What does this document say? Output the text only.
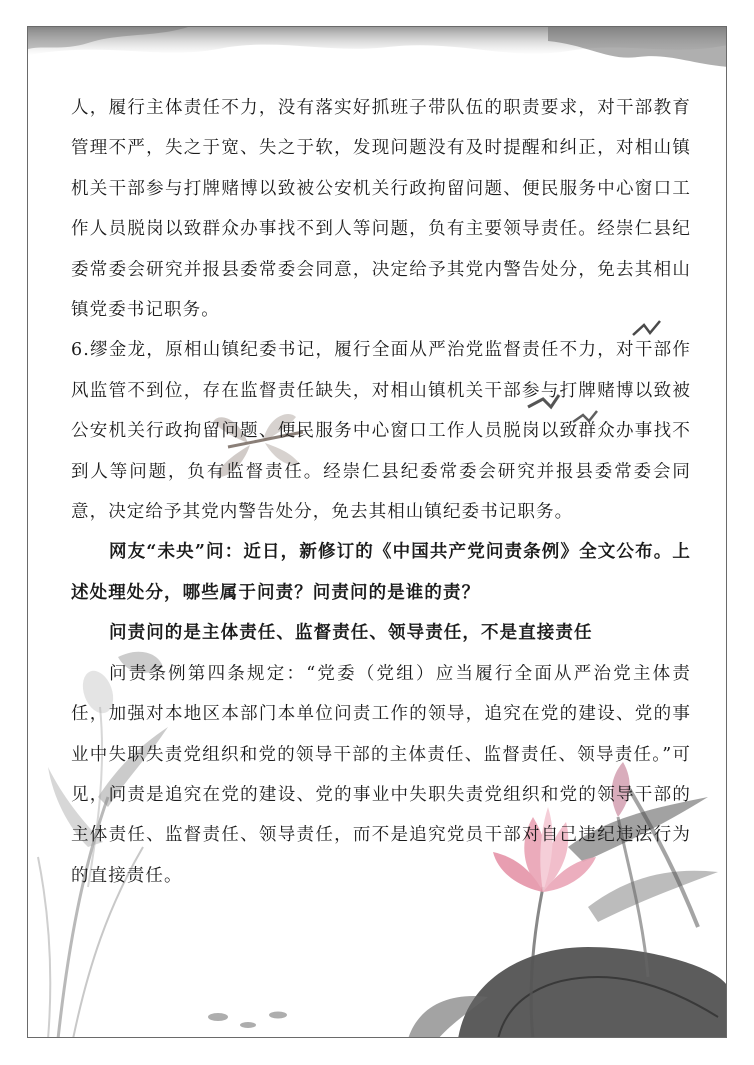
人，履行主体责任不力，没有落实好抓班子带队伍的职责要求，对干部教育管理不严，失之于宽、失之于软，发现问题没有及时提醒和纠正，对相山镇机关干部参与打牌赌博以致被公安机关行政拘留问题、便民服务中心窗口工作人员脱岗以致群众办事找不到人等问题，负有主要领导责任。经崇仁县纪委常委会研究并报县委常委会同意，决定给予其党内警告处分，免去其相山镇党委书记职务。

6.缪金龙，原相山镇纪委书记，履行全面从严治党监督责任不力，对干部作风监管不到位，存在监督责任缺失，对相山镇机关干部参与打牌赌博以致被公安机关行政拘留问题、便民服务中心窗口工作人员脱岗以致群众办事找不到人等问题，负有监督责任。经崇仁县纪委常委会研究并报县委常委会同意，决定给予其党内警告处分，免去其相山镇纪委书记职务。

网友“未央”问：近日，新修订的《中国共产党问责条例》全文公布。上述处理处分，哪些属于问责？问责问的是谁的责？

问责问的是主体责任、监督责任、领导责任，不是直接责任

问责条例第四条规定：“党委（党组）应当履行全面从严治党主体责任，加强对本地区本部门本单位问责工作的领导，追究在党的建设、党的事业中失职失责党组织和党的领导干部的主体责任、监督责任、领导责任。”可见，问责是追究在党的建设、党的事业中失职失责党组织和党的领导干部的主体责任、监督责任、领导责任，而不是追究党员干部对自己违纪违法行为的直接责任。
